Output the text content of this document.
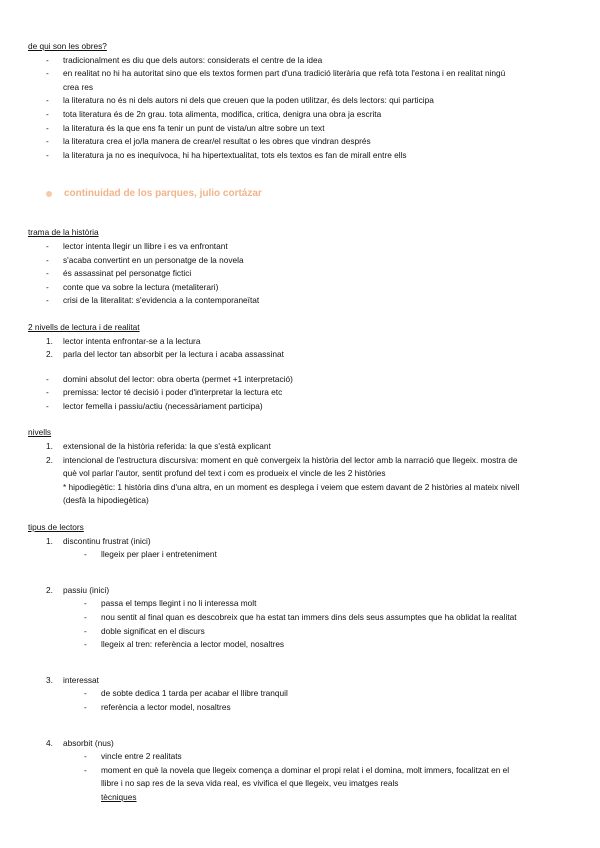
de qui son les obres?

- tradicionalment es diu que dels autors: considerats el centre de la idea
- en realitat no hi ha autoritat sino que els textos formen part d'una tradició literària que refà tota l'estona i en realitat ningú
crea res
- la literatura no és ni dels autors ni dels que creuen que la poden utilitzar, és dels lectors: qui participa
- tota literatura és de 2n grau. tota alimenta, modifica, critica, denigra una obra ja escrita
- la literatura és la que ens fa tenir un punt de vista/un altre sobre un text
- la literatura crea el jo/la manera de crear/el resultat o les obres que vindran després
- la literatura ja no es inequívoca, hi ha hipertextualitat, tots els textos es fan de mirall entre ells
continuidad de los parques, julio cortázar

trama de la història

- lector intenta llegir un llibre i es va enfrontant
- s'acaba convertint en un personatge de la novela
- és assassinat pel personatge fictici
- conte que va sobre la lectura (metaliterari)
- crisi de la literalitat: s'evidencia a la contemporaneïtat

2 nivells de lectura i de realitat

1. lector intenta enfrontar-se a la lectura
2. parla del lector tan absorbit per la lectura i acaba assassinat
- domini absolut del lector: obra oberta (permet +1 interpretació)
- premissa: lector té decisió i poder d'interpretar la lectura etc
- lector femella i passiu/actiu (necessàriament participa)

nivells

1. extensional de la història referida: la que s'està explicant
2. intencional de l'estructura discursiva: moment en què convergeix la història del lector amb la narració que llegeix. mostra de
què vol parlar l'autor, sentit profund del text i com es produeix el vincle de les 2 històries
* hipodiegètic: 1 història dins d'una altra, en un moment es desplega i veiem que estem davant de 2 històries al mateix nivell
(desfà la hipodiegètica)

tipus de lectors

1. discontinu frustrat (inici)
- llegeix per plaer i entreteniment
2. passiu (inici)
- passa el temps llegint i no li interessa molt
- nou sentit al final quan es descobreix que ha estat tan immers dins dels seus assumptes que ha oblidat la realitat
- doble significat en el discurs
- llegeix al tren: referència a lector model, nosaltres
3. interessat
- de sobte dedica 1 tarda per acabar el llibre tranquil
- referència a lector model, nosaltres
4. absorbit (nus)
- vincle entre 2 realitats
- moment en què la novela que llegeix comença a dominar el propi relat i el domina, molt immers, focalitzat en el
llibre i no sap res de la seva vida real, es vivifica el que llegeix, veu imatges reals
tècniques
